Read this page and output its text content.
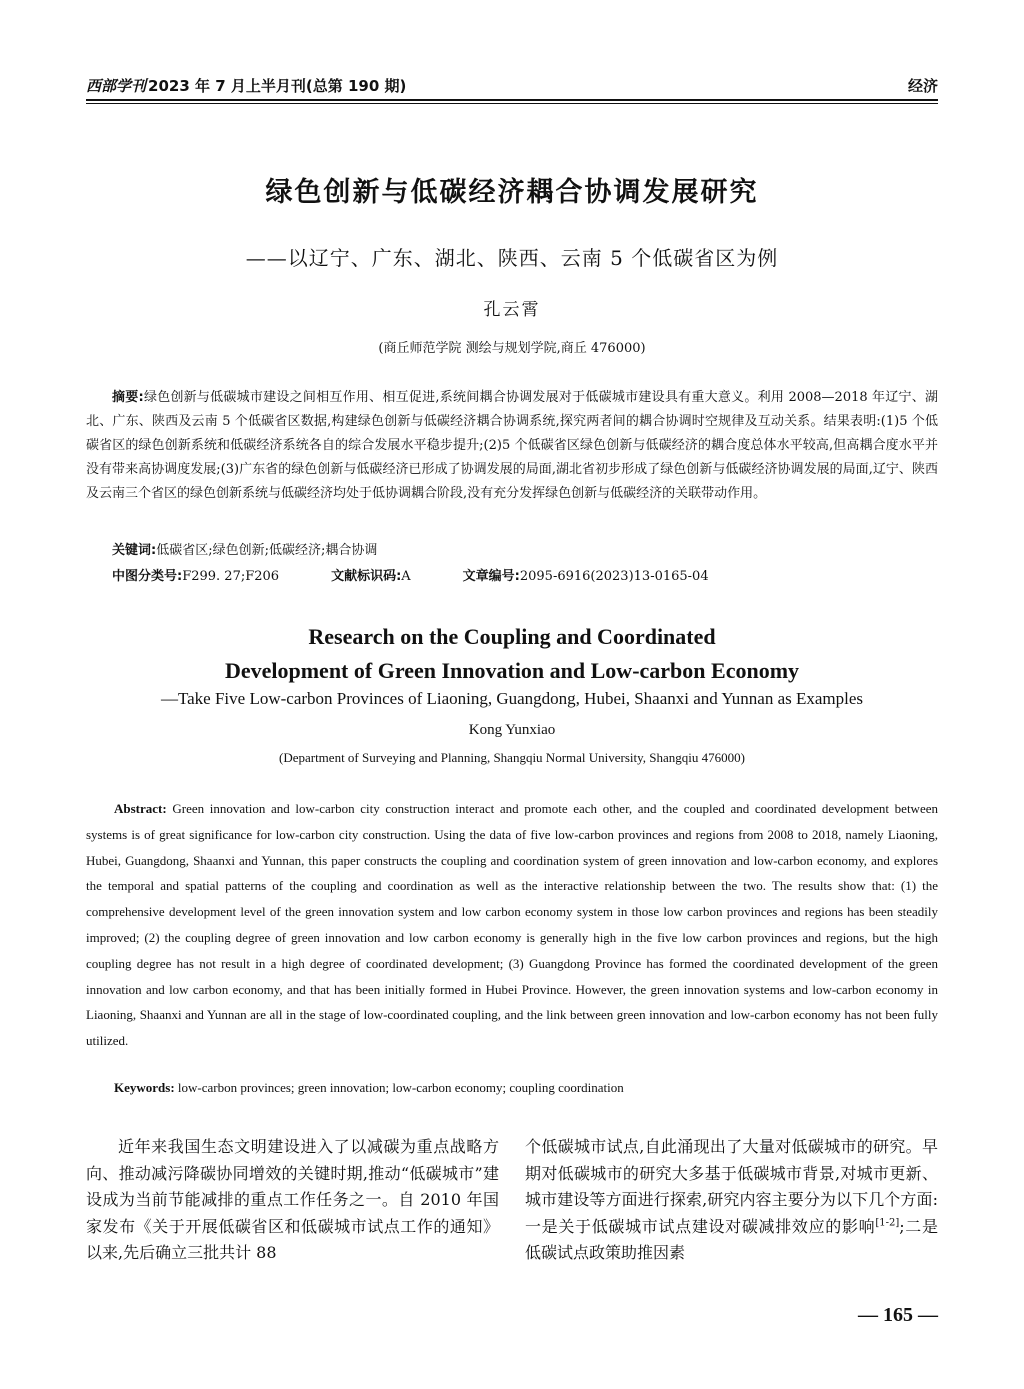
西部学刊 2023 年 7 月上半月刊(总第 190 期)	经济
绿色创新与低碳经济耦合协调发展研究
——以辽宁、广东、湖北、陕西、云南 5 个低碳省区为例
孔云霄
(商丘师范学院 测绘与规划学院,商丘 476000)
摘要:绿色创新与低碳城市建设之间相互作用、相互促进,系统间耦合协调发展对于低碳城市建设具有重大意义。利用 2008—2018 年辽宁、湖北、广东、陕西及云南 5 个低碳省区数据,构建绿色创新与低碳经济耦合协调系统,探究两者间的耦合协调时空规律及互动关系。结果表明:(1)5 个低碳省区的绿色创新系统和低碳经济系统各自的综合发展水平稳步提升;(2)5 个低碳省区绿色创新与低碳经济的耦合度总体水平较高,但高耦合度水平并没有带来高协调度发展;(3)广东省的绿色创新与低碳经济已形成了协调发展的局面,湖北省初步形成了绿色创新与低碳经济协调发展的局面,辽宁、陕西及云南三个省区的绿色创新系统与低碳经济均处于低协调耦合阶段,没有充分发挥绿色创新与低碳经济的关联带动作用。
关键词:低碳省区;绿色创新;低碳经济;耦合协调
中图分类号:F299. 27;F206	文献标识码:A	文章编号:2095-6916(2023)13-0165-04
Research on the Coupling and Coordinated
Development of Green Innovation and Low-carbon Economy
—Take Five Low-carbon Provinces of Liaoning, Guangdong, Hubei, Shaanxi and Yunnan as Examples
Kong Yunxiao
(Department of Surveying and Planning, Shangqiu Normal University, Shangqiu 476000)
Abstract: Green innovation and low-carbon city construction interact and promote each other, and the coupled and coordinated development between systems is of great significance for low-carbon city construction. Using the data of five low-carbon provinces and regions from 2008 to 2018, namely Liaoning, Hubei, Guangdong, Shaanxi and Yunnan, this paper constructs the coupling and coordination system of green innovation and low-carbon economy, and explores the temporal and spatial patterns of the coupling and coordination as well as the interactive relationship between the two. The results show that: (1) the comprehensive development level of the green innovation system and low carbon economy system in those low carbon provinces and regions has been steadily improved; (2) the coupling degree of green innovation and low carbon economy is generally high in the five low carbon provinces and regions, but the high coupling degree has not result in a high degree of coordinated development; (3) Guangdong Province has formed the coordinated development of the green innovation and low carbon economy, and that has been initially formed in Hubei Province. However, the green innovation systems and low-carbon economy in Liaoning, Shaanxi and Yunnan are all in the stage of low-coordinated coupling, and the link between green innovation and low-carbon economy has not been fully utilized.
Keywords: low-carbon provinces; green innovation; low-carbon economy; coupling coordination
近年来我国生态文明建设进入了以减碳为重点战略方向、推动减污降碳协同增效的关键时期,推动“低碳城市”建设成为当前节能减排的重点工作任务之一。自 2010 年国家发布《关于开展低碳省区和低碳城市试点工作的通知》以来,先后确立三批共计 88
个低碳城市试点,自此涌现出了大量对低碳城市的研究。早期对低碳城市的研究大多基于低碳城市背景,对城市更新、城市建设等方面进行探索,研究内容主要分为以下几个方面:一是关于低碳城市试点建设对碳减排效应的影响[1-2];二是低碳试点政策助推因素
— 165 —
